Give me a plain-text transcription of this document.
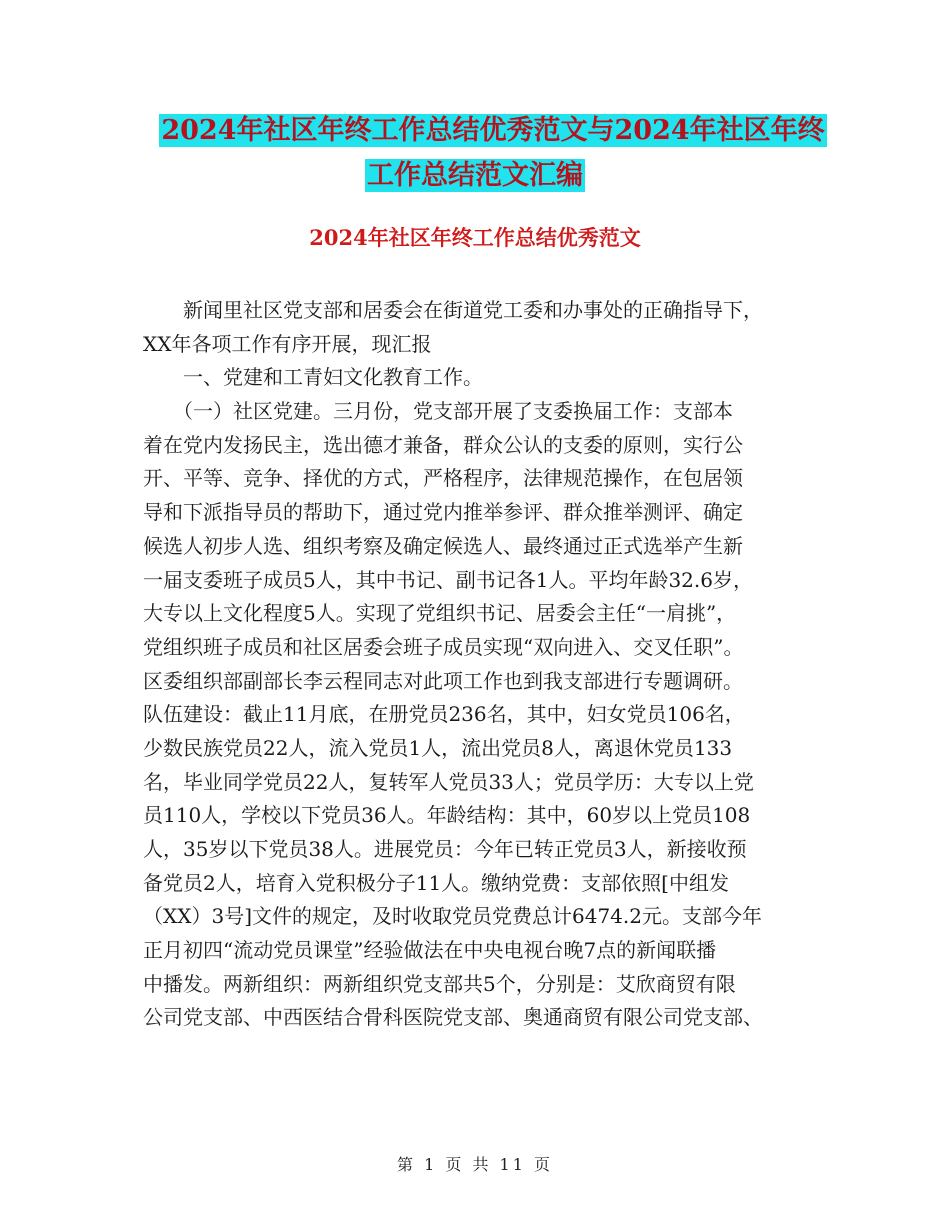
2024年社区年终工作总结优秀范文与2024年社区年终
工作总结范文汇编
2024年社区年终工作总结优秀范文
新闻里社区党支部和居委会在街道党工委和办事处的正确指导下，
XX年各项工作有序开展，现汇报
一、党建和工青妇文化教育工作。
（一）社区党建。三月份，党支部开展了支委换届工作：支部本
着在党内发扬民主，选出德才兼备，群众公认的支委的原则，实行公
开、平等、竞争、择优的方式，严格程序，法律规范操作，在包居领
导和下派指导员的帮助下，通过党内推举参评、群众推举测评、确定
候选人初步人选、组织考察及确定候选人、最终通过正式选举产生新
一届支委班子成员5人，其中书记、副书记各1人。平均年龄32.6岁，
大专以上文化程度5人。实现了党组织书记、居委会主任“一肩挑”，
党组织班子成员和社区居委会班子成员实现“双向进入、交叉任职”。
区委组织部副部长李云程同志对此项工作也到我支部进行专题调研。
队伍建设：截止11月底，在册党员236名，其中，妇女党员106名，
少数民族党员22人，流入党员1人，流出党员8人，离退休党员133
名，毕业同学党员22人，复转军人党员33人；党员学历：大专以上党
员110人，学校以下党员36人。年龄结构：其中，60岁以上党员108
人，35岁以下党员38人。进展党员：今年已转正党员3人，新接收预
备党员2人，培育入党积极分子11人。缴纳党费：支部依照[中组发
（XX）3号]文件的规定，及时收取党员党费总计6474.2元。支部今年
正月初四“流动党员课堂”经验做法在中央电视台晚7点的新闻联播
中播发。两新组织：两新组织党支部共5个，分别是：艾欣商贸有限
公司党支部、中西医结合骨科医院党支部、奥通商贸有限公司党支部、
第 1 页 共 11 页
